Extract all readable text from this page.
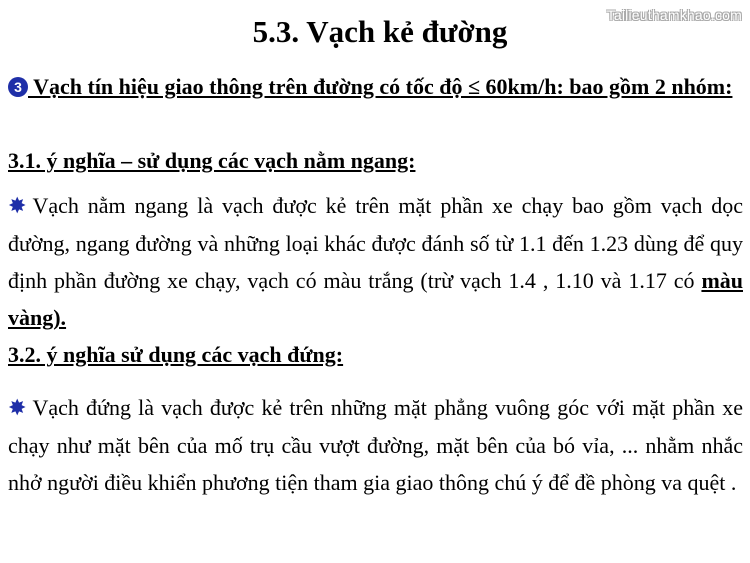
Tailieuthamkhao.com
5.3. Vạch kẻ đường
3 Vạch tín hiệu giao thông trên đường có tốc độ ≤ 60km/h: bao gồm 2 nhóm:
3.1. ý nghĩa – sử dụng các vạch nằm ngang:
✸ Vạch nằm ngang là vạch được kẻ trên mặt phần xe chạy bao gồm vạch dọc đường, ngang đường và những loại khác được đánh số từ 1.1 đến 1.23 dùng để quy định phần đường xe chạy, vạch có màu trắng (trừ vạch 1.4 , 1.10 và 1.17 có màu vàng).
3.2. ý nghĩa sử dụng các vạch đứng:
✸ Vạch đứng là vạch được kẻ trên những mặt phẳng vuông góc với mặt phần xe chạy như mặt bên của mố trụ cầu vượt đường, mặt bên của bó vỉa, ... nhằm nhắc nhở người điều khiển phương tiện tham gia giao thông chú ý để đề phòng va quệt .
